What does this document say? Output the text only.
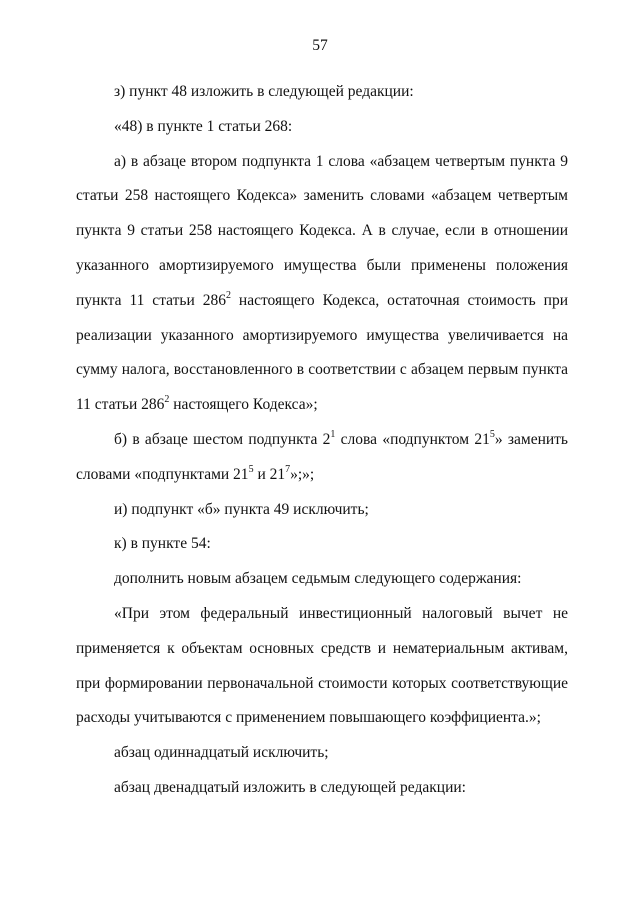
57

з) пункт 48 изложить в следующей редакции:

«48) в пункте 1 статьи 268:

а) в абзаце втором подпункта 1 слова «абзацем четвертым пункта 9 статьи 258 настоящего Кодекса» заменить словами «абзацем четвертым пункта 9 статьи 258 настоящего Кодекса. А в случае, если в отношении указанного амортизируемого имущества были применены положения пункта 11 статьи $286^2$ настоящего Кодекса, остаточная стоимость при реализации указанного амортизируемого имущества увеличивается на сумму налога, восстановленного в соответствии с абзацем первым пункта 11 статьи $286^2$ настоящего Кодекса»;

б) в абзаце шестом подпункта $2^1$ слова «подпунктом $21^5$» заменить словами «подпунктами $21^5$ и $21^7$»;»;

и) подпункт «б» пункта 49 исключить;

к) в пункте 54:

дополнить новым абзацем седьмым следующего содержания:

«При этом федеральный инвестиционный налоговый вычет не применяется к объектам основных средств и нематериальным активам, при формировании первоначальной стоимости которых соответствующие расходы учитываются с применением повышающего коэффициента.»;

абзац одиннадцатый исключить;

абзац двенадцатый изложить в следующей редакции:
